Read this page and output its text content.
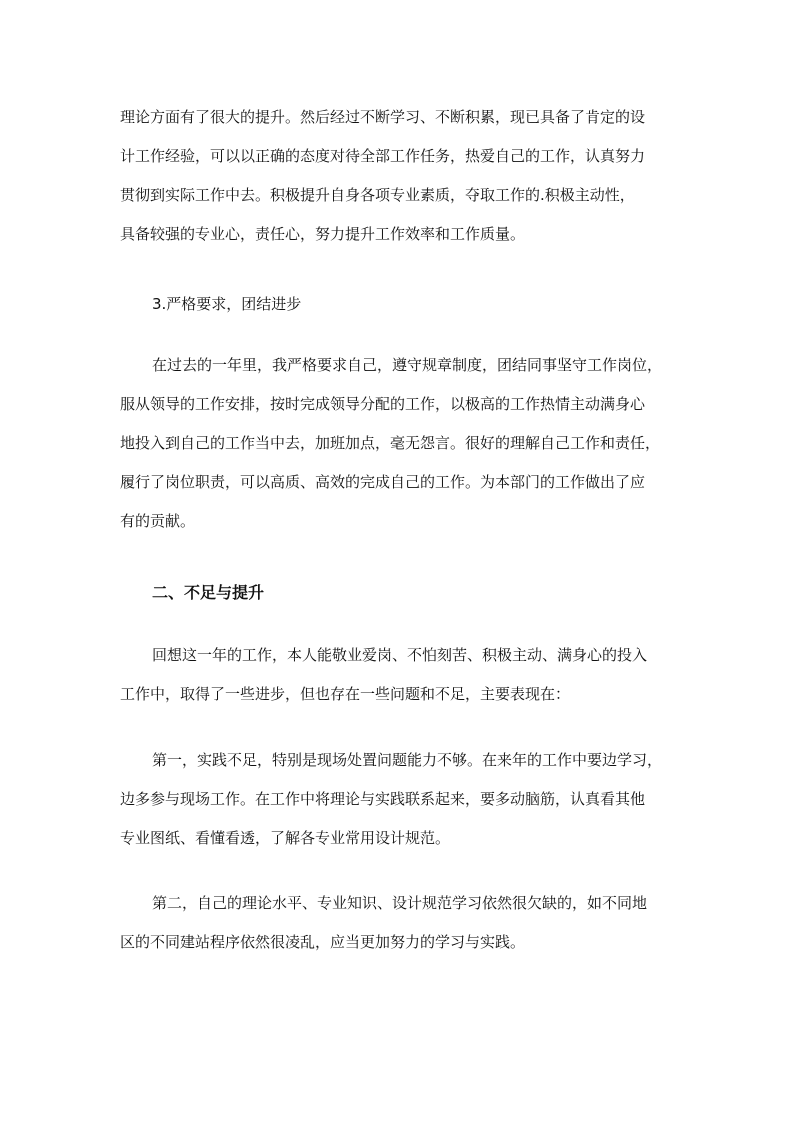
理论方面有了很大的提升。然后经过不断学习、不断积累，现已具备了肯定的设
计工作经验，可以以正确的态度对待全部工作任务，热爱自己的工作，认真努力
贯彻到实际工作中去。积极提升自身各项专业素质，夺取工作的.积极主动性，
具备较强的专业心，责任心，努力提升工作效率和工作质量。

3.严格要求，团结进步

在过去的一年里，我严格要求自己，遵守规章制度，团结同事坚守工作岗位，
服从领导的工作安排，按时完成领导分配的工作，以极高的工作热情主动满身心
地投入到自己的工作当中去，加班加点，毫无怨言。很好的理解自己工作和责任，
履行了岗位职责，可以高质、高效的完成自己的工作。为本部门的工作做出了应
有的贡献。

二、不足与提升

回想这一年的工作，本人能敬业爱岗、不怕刻苦、积极主动、满身心的投入
工作中，取得了一些进步，但也存在一些问题和不足，主要表现在：

第一，实践不足，特别是现场处置问题能力不够。在来年的工作中要边学习，
边多参与现场工作。在工作中将理论与实践联系起来，要多动脑筋，认真看其他
专业图纸、看懂看透，了解各专业常用设计规范。

第二，自己的理论水平、专业知识、设计规范学习依然很欠缺的，如不同地
区的不同建站程序依然很凌乱，应当更加努力的学习与实践。
